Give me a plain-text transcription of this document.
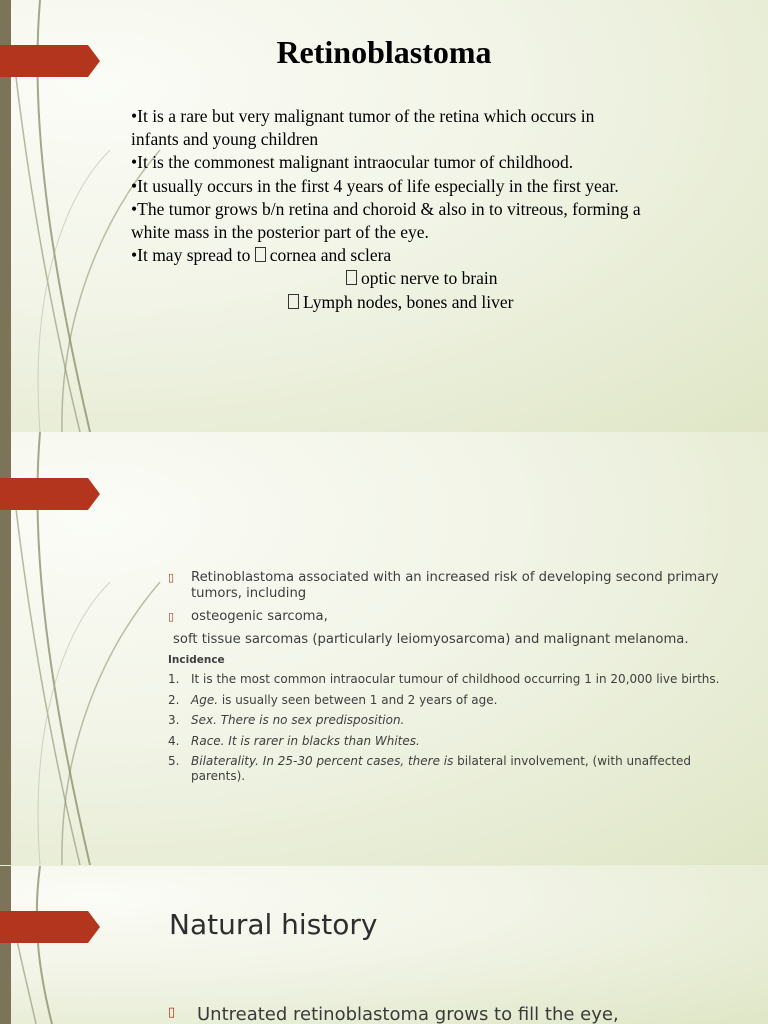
Retinoblastoma

•It is a rare but very malignant tumor of the retina which occurs in infants and young children

•It is the commonest malignant intraocular tumor of childhood.

•It usually occurs in the first 4 years of life especially in the first year.

•The tumor grows b/n retina and choroid & also in to vitreous, forming a white mass in the posterior part of the eye.

•It may spread to cornea and sclera

optic nerve to brain

Lymph nodes, bones and liver

▯ Retinoblastoma associated with an increased risk of developing second primary tumors, including
▯ osteogenic sarcoma,
soft tissue sarcomas (particularly leiomyosarcoma) and malignant melanoma.
Incidence
1. It is the most common intraocular tumour of childhood occurring 1 in 20,000 live births.
2. Age. is usually seen between 1 and 2 years of age.
3. Sex. There is no sex predisposition.
4. Race. It is rarer in blacks than Whites.
5. Bilaterality. In 25-30 percent cases, there is bilateral involvement, (with unaffected parents).
Natural history
▯ Untreated retinoblastoma grows to fill the eye,
